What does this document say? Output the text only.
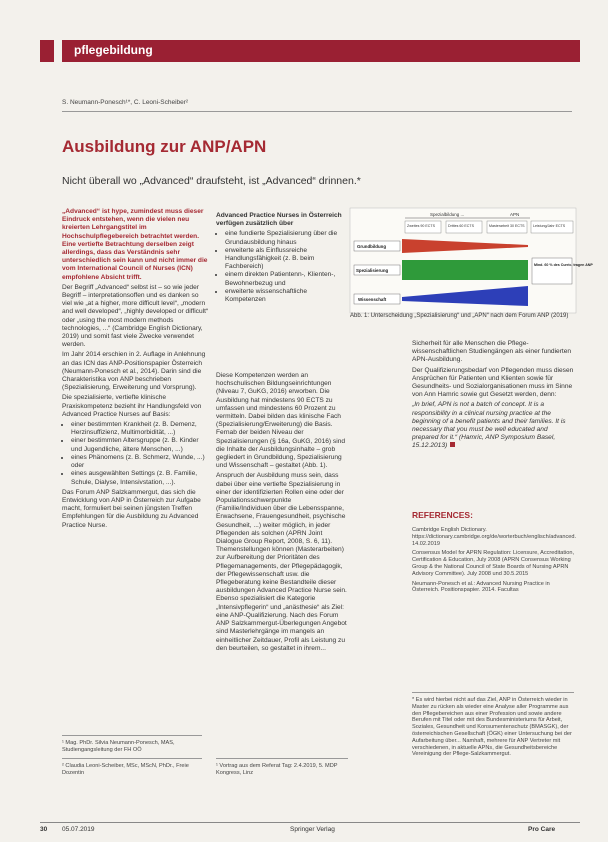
pflegebildung
S. Neumann-Ponesch¹*, C. Leoni-Scheiber²
Ausbildung zur ANP/APN
Nicht überall wo „Advanced“ draufsteht, ist „Advanced“ drinnen.*

„Advanced“ ist hype, zumindest muss dieser Eindruck entstehen, wenn die vielen neu kreierten Lehrgangstitel im Hochschulpflegebereich betrachtet werden. Eine vertiefte Betrachtung derselben zeigt allerdings, dass das Verständnis sehr unterschiedlich sein kann und nicht immer die vom International Council of Nurses (ICN) empfohlene Absicht trifft.

Der Begriff „Advanced“ selbst ist – so wie jeder Begriff – interpretationsoffen und es danken so viel wie „at a higher, more difficult level“, „modern and well developed“, „highly developed or difficult“ oder „using the most modern methods technologies, ...“ (Cambridge English Dictionary, 2019) und somit fast viele Zwecke verwendet werden.

Im Jahr 2014 erschien in 2. Auflage in Anlehnung an das ICN das ANP-Positionspapier Österreich (Neumann-Ponesch et al., 2014). Darin sind die Charakteristika von ANP beschrieben (Spezialisierung, Erweiterung und Vorsprung).

Die spezialisierte, vertiefte klinische Praxiskompetenz bezieht ihr Handlungsfeld von Advanced Practice Nurses auf Basis:

• einer bestimmten Krankheit (z. B. Demenz, Herzinsuffizienz, Multimorbidität, ...)
• einer bestimmten Altersgruppe (z. B. Kinder und Jugendliche, ältere Menschen, ...)
• eines Phänomens (z. B. Schmerz, Wunde, ...) oder
• eines ausgewählten Settings (z. B. Familie, Schule, Dialyse, Intensivstation, ...).

Das Forum ANP Salzkammergut, das sich die Entwicklung von ANP in Österreich zur Aufgabe macht, formuliert bei seinen jüngsten Treffen Empfehlungen für die Ausbildung zu Advanced Practice Nurse.

Advanced Practice Nurses in Österreich verfügen zusätzlich über

• eine fundierte Spezialisierung über die Grundausbildung hinaus
• erweiterte als Einflussreiche Handlungsfähigkeit (z. B. beim Fachbereich)
• einem direkten Patientenn-, Klienten-, Bewohnerbezug und
• erweiterte wissenschaftliche Kompetenzen
Spezialbildung ...	APN
Zweites 90 ECTS	Drittes 60 ECTS	Masterarbeit 30 ECTS Leistung/Jahr ECTS
Grundbildung
Spezialisierung
Wissenschaft
Mind. 60 % des Curric. tragen ANP
Abb. 1: Unterscheidung „Spezialisierung“ und „APN“ nach dem Forum ANP (2019)

Diese Kompetenzen werden an hochschulischen Bildungseinrichtungen (Niveau 7, GuKG, 2016) erworben. Die Ausbildung hat mindestens 90 ECTS zu umfassen und mindestens 60 Prozent zu vermitteln. Dabei bilden das klinische Fach (Spezialisierung/Erweiterung) die Basis. Fernab der beiden Niveau der Spezialisierungen (§ 16a, GuKG, 2016) sind die Inhalte der Ausbildungsinhalte – grob gegliedert in Grundbildung, Spezialisierung und Wissenschaft – gestaltet (Abb. 1).

Anspruch der Ausbildung muss sein, dass dabei über eine vertiefte Spezialisierung in einer der identifizierten Rollen eine oder der Populationsschwerpunkte (Familie/Individuen über die Lebensspanne, Erwachsene, Frauengesundheit, psychische Gesundheit, ...) weiter möglich, in jeder Pflegenden als solchen (APRN Joint Dialogue Group Report, 2008, S. 6, 11). Themenstellungen können (Masterarbeiten) zur Aufbereitung der Prioritäten des Pflegemanagements, der Pflegepädagogik, der Pflegewissenschaft usw. die Pflegeberatung keine Bestandteile dieser ausbildungen Advanced Practice Nurse sein. Ebenso spezialisiert die Kategorie „Intensivpflegerin“ und „anästhesie“ als Ziel: eine ANP-Qualifizierung. Nach des Forum ANP Salzkammergut-Überlegungen Angebot sind Masterlehrgänge im mangels an einheitlicher Zeitdauer, Profil als Leistung zu den beurteilen, so gestaltet in ihrem...

Sicherheit für alle Menschen die Pflege-wissenschaftlichen Studiengängen als einer fundierten APN-Ausbildung.

Der Qualifizierungsbedarf von Pflegenden muss diesen Ansprüchen für Patienten und Klienten sowie für Gesundheits- und Sozialorganisationen muss im Sinne von Ann Hamric sowie gut Gesetzt werden, denn:

„In brief, APN is not a batch of concept. It is a responsibility in a clinical nursing practice at the beginning of a benefit patients and their families. It is necessary that you must be well educated and prepared for it.“ (Hamric, ANP Symposium Basel, 15.12.2013)

REFERENCES:

Cambridge English Dictionary. https://dictionary.cambridge.org/de/worterbuch/englisch/advanced. 14.02.2019

Consensus Model for APRN Regulation: Licensure, Accreditation, Certification & Education, July 2008 (APRN Consensus Working Group & the National Council of State Boards of Nursing APRN Advisory Committee). July 2008 und 30.5.2015

Neumann-Ponesch et al.: Advanced Nursing Practice in Österreich. Positionspapier. 2014. Facultas

¹ Mag. PhDr. Silvia Neumann-Ponesch, MAS, Studiengangsleitung der FH OÖ
² Claudia Leoni-Scheiber, MSc, MScN, PhDr., Freie Dozentin
¹ Vortrag aus dem Referat Tag: 2.4.2019, 5. MDP Kongress, Linz
* Es wird hierbei nicht auf das Ziel, ANP in Österreich wieder in Master zu rücken als wieder eine Analyse aller Programme aus den Pflegebereichen aus einer Profession und sowie andere Berufen mit Titel oder mit des Bundesministeriums für Arbeit, Soziales, Gesundheit und Konsumentenschutz (BMASGK), der österreichischen Gesellschaft (ÖGK) einer Untersuchung bei der Aufarbeitung über... Namhaft, mehrere für ANP Vertreter mit verschiedenen, in aktuelle APNs, die Gesundheitsbereiche Vereinigung der Pflege-Salzkammergut.
30 05.07.2019	Springer Verlag	Pro Care
